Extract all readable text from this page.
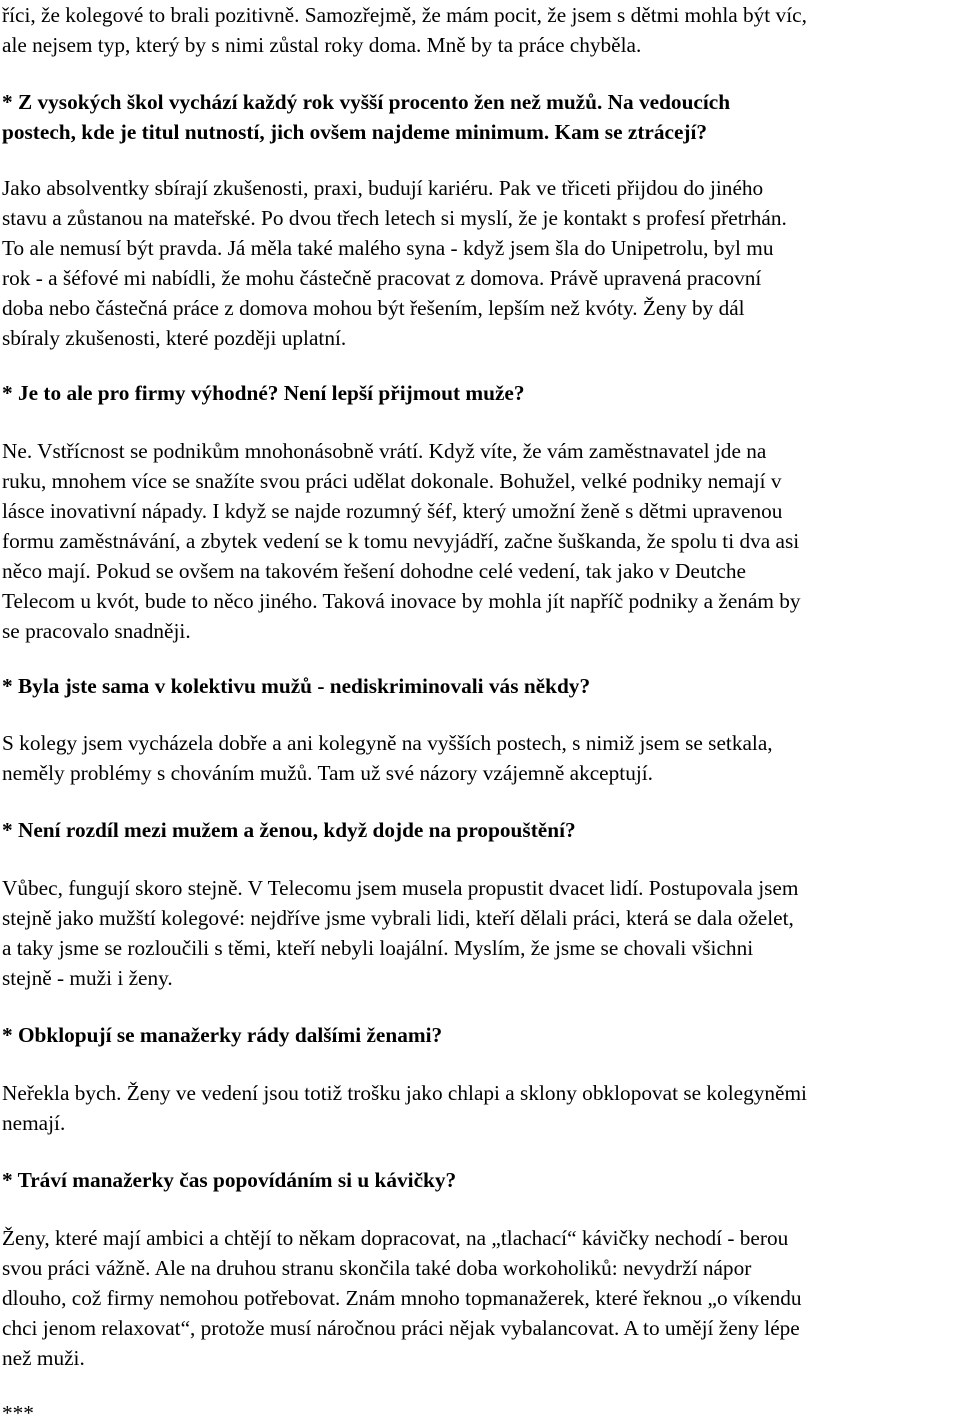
říci, že kolegové to brali pozitivně. Samozřejmě, že mám pocit, že jsem s dětmi mohla být víc,
ale nejsem typ, který by s nimi zůstal roky doma. Mně by ta práce chyběla.
* Z vysokých škol vychází každý rok vyšší procento žen než mužů. Na vedoucích
postech, kde je titul nutností, jich ovšem najdeme minimum. Kam se ztrácejí?
Jako absolventky sbírají zkušenosti, praxi, budují kariéru. Pak ve třiceti přijdou do jiného
stavu a zůstanou na mateřské. Po dvou třech letech si myslí, že je kontakt s profesí přetrhán.
To ale nemusí být pravda. Já měla také malého syna - když jsem šla do Unipetrolu, byl mu
rok - a šéfové mi nabídli, že mohu částečně pracovat z domova. Právě upravená pracovní
doba nebo částečná práce z domova mohou být řešením, lepším než kvóty. Ženy by dál
sbíraly zkušenosti, které později uplatní.
* Je to ale pro firmy výhodné? Není lepší přijmout muže?
Ne. Vstřícnost se podnikům mnohonásobně vrátí. Když víte, že vám zaměstnavatel jde na
ruku, mnohem více se snažíte svou práci udělat dokonale. Bohužel, velké podniky nemají v
lásce inovativní nápady. I když se najde rozumný šéf, který umožní ženě s dětmi upravenou
formu zaměstnávání, a zbytek vedení se k tomu nevyjádří, začne šuškanda, že spolu ti dva asi
něco mají. Pokud se ovšem na takovém řešení dohodne celé vedení, tak jako v Deutche
Telecom u kvót, bude to něco jiného. Taková inovace by mohla jít napříč podniky a ženám by
se pracovalo snadněji.
* Byla jste sama v kolektivu mužů - nediskriminovali vás někdy?
S kolegy jsem vycházela dobře a ani kolegyně na vyšších postech, s nimiž jsem se setkala,
neměly problémy s chováním mužů. Tam už své názory vzájemně akceptují.
* Není rozdíl mezi mužem a ženou, když dojde na propouštění?
Vůbec, fungují skoro stejně. V Telecomu jsem musela propustit dvacet lidí. Postupovala jsem
stejně jako mužští kolegové: nejdříve jsme vybrali lidi, kteří dělali práci, která se dala oželet,
a taky jsme se rozloučili s těmi, kteří nebyli loajální. Myslím, že jsme se chovali všichni
stejně - muži i ženy.
* Obklopují se manažerky rády dalšími ženami?
Neřekla bych. Ženy ve vedení jsou totiž trošku jako chlapi a sklony obklopovat se kolegyněmi
nemají.
* Tráví manažerky čas popovídáním si u kávičky?
Ženy, které mají ambici a chtějí to někam dopracovat, na „tlachací“ kávičky nechodí - berou
svou práci vážně. Ale na druhou stranu skončila také doba workoholiků: nevydrží nápor
dlouho, což firmy nemohou potřebovat. Znám mnoho topmanažerek, které řeknou „o víkendu
chci jenom relaxovat“, protože musí náročnou práci nějak vybalancovat. A to umějí ženy lépe
než muži.
***
